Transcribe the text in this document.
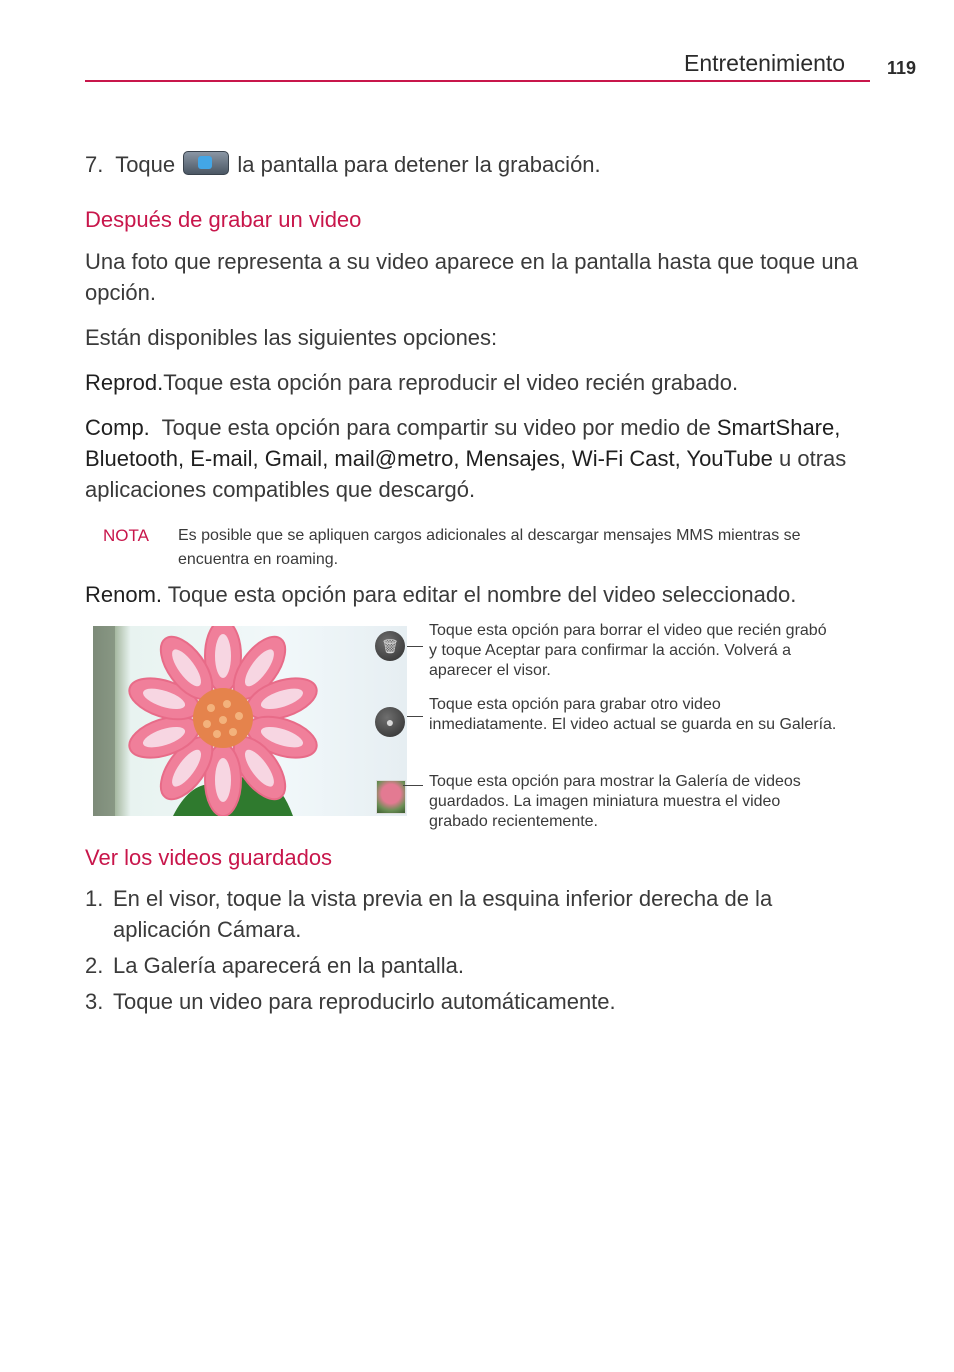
Entretenimiento 119
7. Toque	la pantalla para detener la grabación.
Después de grabar un video
Una foto que representa a su video aparece en la pantalla hasta que toque una opción.
Están disponibles las siguientes opciones:
Reprod.Toque esta opción para reproducir el video recién grabado.
Comp. Toque esta opción para compartir su video por medio de SmartShare, Bluetooth, E-mail, Gmail, mail@metro, Mensajes, Wi-Fi Cast, YouTube u otras aplicaciones compatibles que descargó.
NOTA Es posible que se apliquen cargos adicionales al descargar mensajes MMS mientras se encuentra en roaming.
Renom. Toque esta opción para editar el nombre del video seleccionado.
🗑
●
Toque esta opción para borrar el video que recién grabó y toque Aceptar para confirmar la acción. Volverá a aparecer el visor.
Toque esta opción para grabar otro video inmediatamente. El video actual se guarda en su Galería.
Toque esta opción para mostrar la Galería de videos guardados. La imagen miniatura muestra el video grabado recientemente.
Ver los videos guardados
1. En el visor, toque la vista previa en la esquina inferior derecha de la aplicación Cámara.
2. La Galería aparecerá en la pantalla.
3. Toque un video para reproducirlo automáticamente.
